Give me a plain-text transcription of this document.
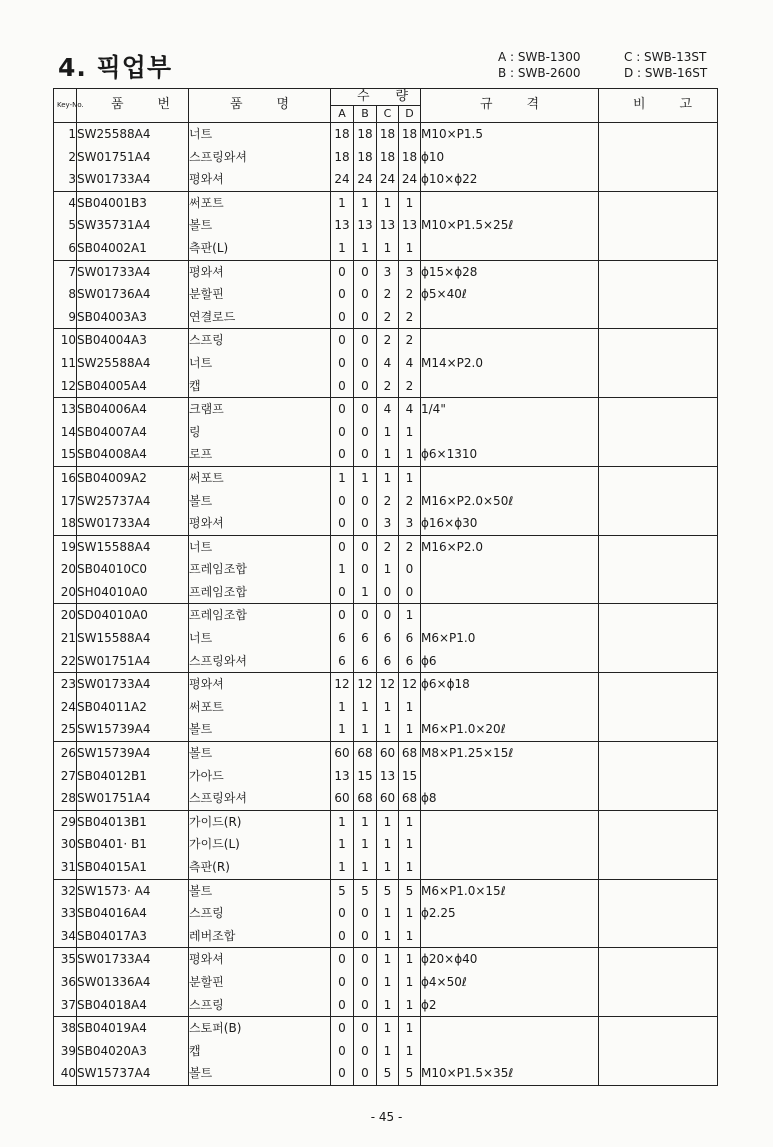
4. 픽업부	A : SWB-1300	C : SWB-13ST
B : SWB-2600	D : SWB-16ST
Key-No.	품번	품명	수량				규격	비고
			A	B	C	D		
1	SW25588A4	너트	18	18	18	18	M10×P1.5	
2	SW01751A4	스프링와셔	18	18	18	18	ϕ10	
3	SW01733A4	평와셔	24	24	24	24	ϕ10×ϕ22	
4	SB04001B3	써포트	1	1	1	1		
5	SW35731A4	볼트	13	13	13	13	M10×P1.5×25ℓ	
6	SB04002A1	측판(L)	1	1	1	1		
7	SW01733A4	평와셔	0	0	3	3	ϕ15×ϕ28	
8	SW01736A4	분할핀	0	0	2	2	ϕ5×40ℓ	
9	SB04003A3	연결로드	0	0	2	2		
10	SB04004A3	스프링	0	0	2	2		
11	SW25588A4	너트	0	0	4	4	M14×P2.0	
12	SB04005A4	캡	0	0	2	2		
13	SB04006A4	크램프	0	0	4	4	1/4"	
14	SB04007A4	링	0	0	1	1		
15	SB04008A4	로프	0	0	1	1	ϕ6×1310	
16	SB04009A2	써포트	1	1	1	1		
17	SW25737A4	볼트	0	0	2	2	M16×P2.0×50ℓ	
18	SW01733A4	평와셔	0	0	3	3	ϕ16×ϕ30	
19	SW15588A4	너트	0	0	2	2	M16×P2.0	
20	SB04010C0	프레임조합	1	0	1	0		
20	SH04010A0	프레임조합	0	1	0	0		
20	SD04010A0	프레임조합	0	0	0	1		
21	SW15588A4	너트	6	6	6	6	M6×P1.0	
22	SW01751A4	스프링와셔	6	6	6	6	ϕ6	
23	SW01733A4	평와셔	12	12	12	12	ϕ6×ϕ18	
24	SB04011A2	써포트	1	1	1	1		
25	SW15739A4	볼트	1	1	1	1	M6×P1.0×20ℓ	
26	SW15739A4	볼트	60	68	60	68	M8×P1.25×15ℓ	
27	SB04012B1	가아드	13	15	13	15		
28	SW01751A4	스프링와셔	60	68	60	68	ϕ8	
29	SB04013B1	가이드(R)	1	1	1	1		
30	SB0401· B1	가이드(L)	1	1	1	1		
31	SB04015A1	측판(R)	1	1	1	1		
32	SW1573· A4	볼트	5	5	5	5	M6×P1.0×15ℓ	
33	SB04016A4	스프링	0	0	1	1	ϕ2.25	
34	SB04017A3	레버조합	0	0	1	1		
35	SW01733A4	평와셔	0	0	1	1	ϕ20×ϕ40	
36	SW01336A4	분할핀	0	0	1	1	ϕ4×50ℓ	
37	SB04018A4	스프링	0	0	1	1	ϕ2	
38	SB04019A4	스토퍼(B)	0	0	1	1		
39	SB04020A3	캡	0	0	1	1		
40	SW15737A4	볼트	0	0	5	5	M10×P1.5×35ℓ	
- 45 -
